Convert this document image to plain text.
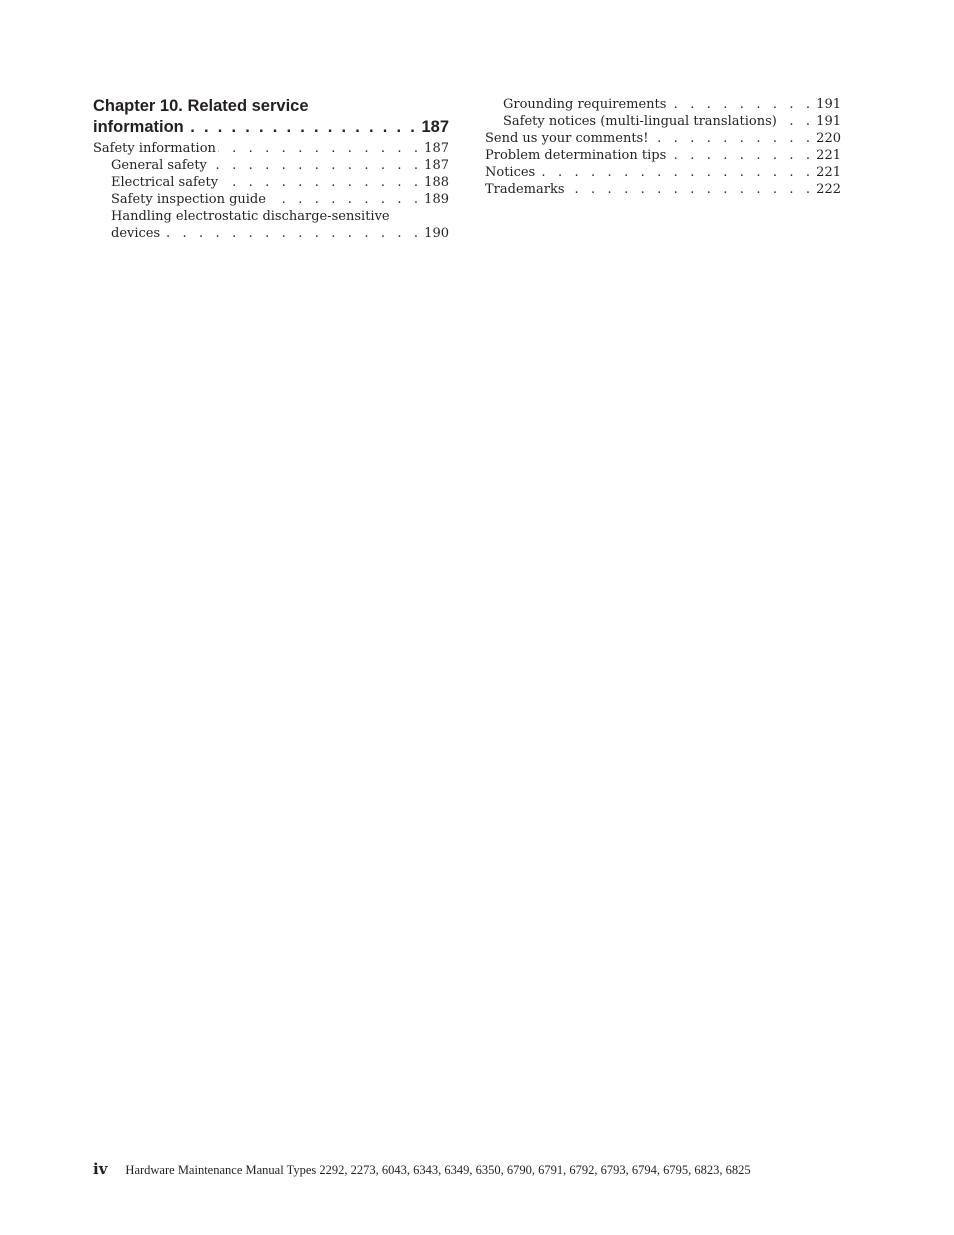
Chapter 10. Related service
information . .	187
Safety information . .	187
General safety . .	187
Electrical safety . .	188
Safety inspection guide . .	189
Handling electrostatic discharge-sensitive
devices . .	190
Grounding requirements . .	191
Safety notices (multi-lingual translations) . .	191
Send us your comments! . .	220
Problem determination tips . .	221
Notices . .	221
Trademarks . .	222
iv Hardware Maintenance Manual Types 2292, 2273, 6043, 6343, 6349, 6350, 6790, 6791, 6792, 6793, 6794, 6795, 6823, 6825
